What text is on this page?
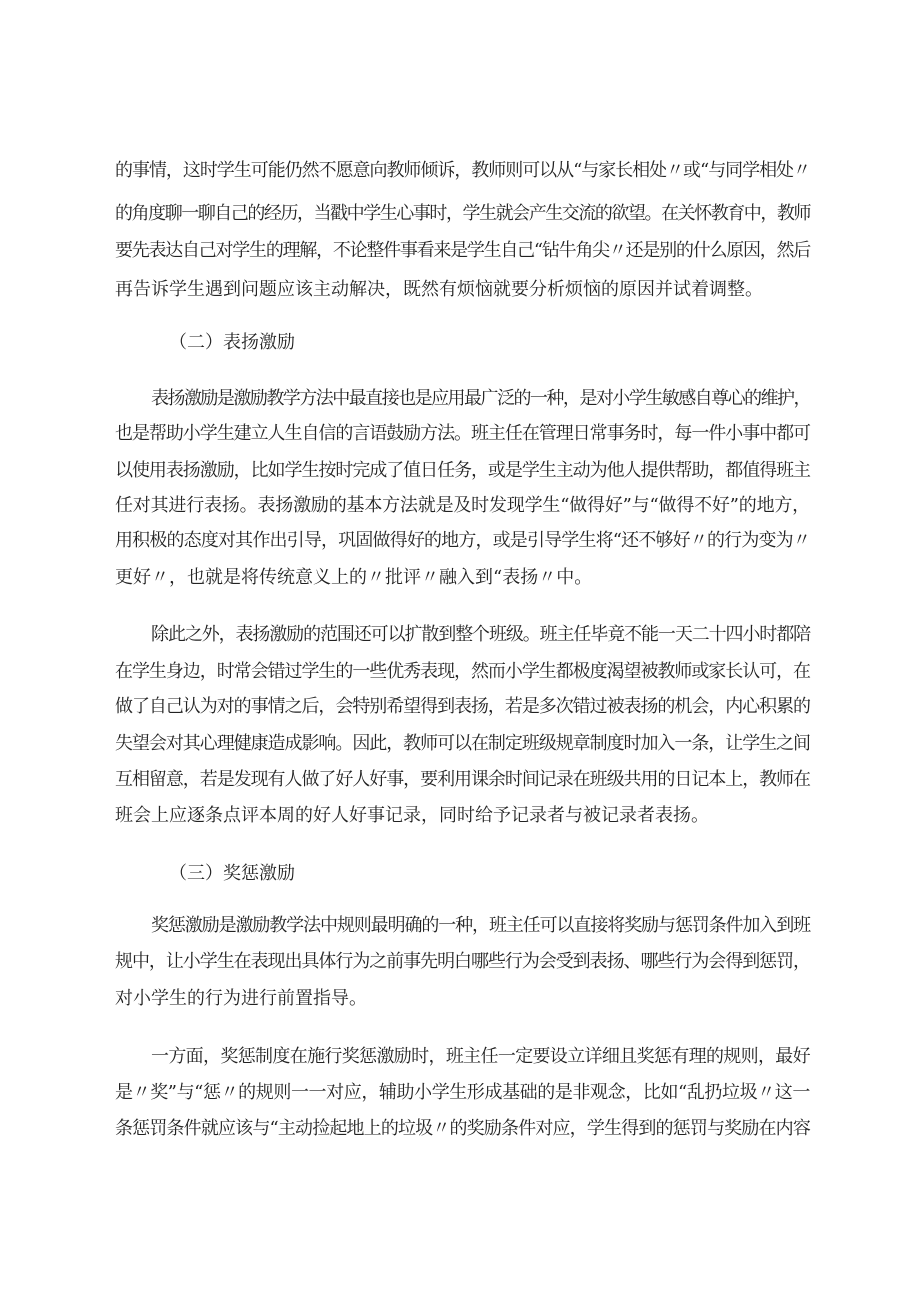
的事情，这时学生可能仍然不愿意向教师倾诉，教师则可以从“与家长相处〃或“与同学相处〃
的角度聊一聊自己的经历，当戳中学生心事时，学生就会产生交流的欲望。在关怀教育中，教师
要先表达自己对学生的理解，不论整件事看来是学生自己“钻牛角尖〃还是别的什么原因，然后
再告诉学生遇到问题应该主动解决，既然有烦恼就要分析烦恼的原因并试着调整。
（二）表扬激励
表扬激励是激励教学方法中最直接也是应用最广泛的一种，是对小学生敏感自尊心的维护，
也是帮助小学生建立人生自信的言语鼓励方法。班主任在管理日常事务时，每一件小事中都可
以使用表扬激励，比如学生按时完成了值日任务，或是学生主动为他人提供帮助，都值得班主
任对其进行表扬。表扬激励的基本方法就是及时发现学生“做得好”与“做得不好”的地方，
用积极的态度对其作出引导，巩固做得好的地方，或是引导学生将“还不够好〃的行为变为〃
更好〃，也就是将传统意义上的〃批评〃融入到“表扬〃中。
除此之外，表扬激励的范围还可以扩散到整个班级。班主任毕竟不能一天二十四小时都陪
在学生身边，时常会错过学生的一些优秀表现，然而小学生都极度渴望被教师或家长认可，在
做了自己认为对的事情之后，会特别希望得到表扬，若是多次错过被表扬的机会，内心积累的
失望会对其心理健康造成影响。因此，教师可以在制定班级规章制度时加入一条，让学生之间
互相留意，若是发现有人做了好人好事，要利用课余时间记录在班级共用的日记本上，教师在
班会上应逐条点评本周的好人好事记录，同时给予记录者与被记录者表扬。
（三）奖惩激励
奖惩激励是激励教学法中规则最明确的一种，班主任可以直接将奖励与惩罚条件加入到班
规中，让小学生在表现出具体行为之前事先明白哪些行为会受到表扬、哪些行为会得到惩罚，
对小学生的行为进行前置指导。
一方面，奖惩制度在施行奖惩激励时，班主任一定要设立详细且奖惩有理的规则，最好
是〃奖”与“惩〃的规则一一对应，辅助小学生形成基础的是非观念，比如“乱扔垃圾〃这一
条惩罚条件就应该与“主动捡起地上的垃圾〃的奖励条件对应，学生得到的惩罚与奖励在内容
